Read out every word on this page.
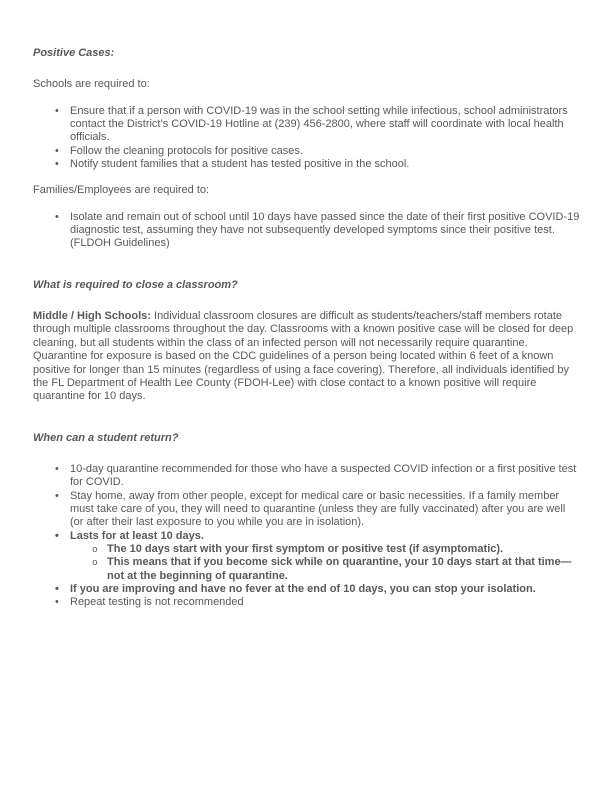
Positive Cases:

Schools are required to:

•	Ensure that if a person with COVID-19 was in the school setting while infectious, school administrators contact the District’s COVID-19 Hotline at (239) 456-2800, where staff will coordinate with local health officials.
•	Follow the cleaning protocols for positive cases.
•	Notify student families that a student has tested positive in the school.

Families/Employees are required to:

•	Isolate and remain out of school until 10 days have passed since the date of their first positive COVID-19 diagnostic test, assuming they have not subsequently developed symptoms since their positive test. (FLDOH Guidelines)

What is required to close a classroom?

Middle / High Schools: Individual classroom closures are difficult as students/teachers/staff members rotate through multiple classrooms throughout the day. Classrooms with a known positive case will be closed for deep cleaning, but all students within the class of an infected person will not necessarily require quarantine. Quarantine for exposure is based on the CDC guidelines of a person being located within 6 feet of a known positive for longer than 15 minutes (regardless of using a face covering). Therefore, all individuals identified by the FL Department of Health Lee County (FDOH-Lee) with close contact to a known positive will require quarantine for 10 days.

When can a student return?

•	10-day quarantine recommended for those who have a suspected COVID infection or a first positive test for COVID.
•	Stay home, away from other people, except for medical care or basic necessities. If a family member must take care of you, they will need to quarantine (unless they are fully vaccinated) after you are well (or after their last exposure to you while you are in isolation).
•	Lasts for at least 10 days.
o The 10 days start with your first symptom or positive test (if asymptomatic).
o This means that if you become sick while on quarantine, your 10 days start at that time—not at the beginning of quarantine.
•	If you are improving and have no fever at the end of 10 days, you can stop your isolation.
•	Repeat testing is not recommended
